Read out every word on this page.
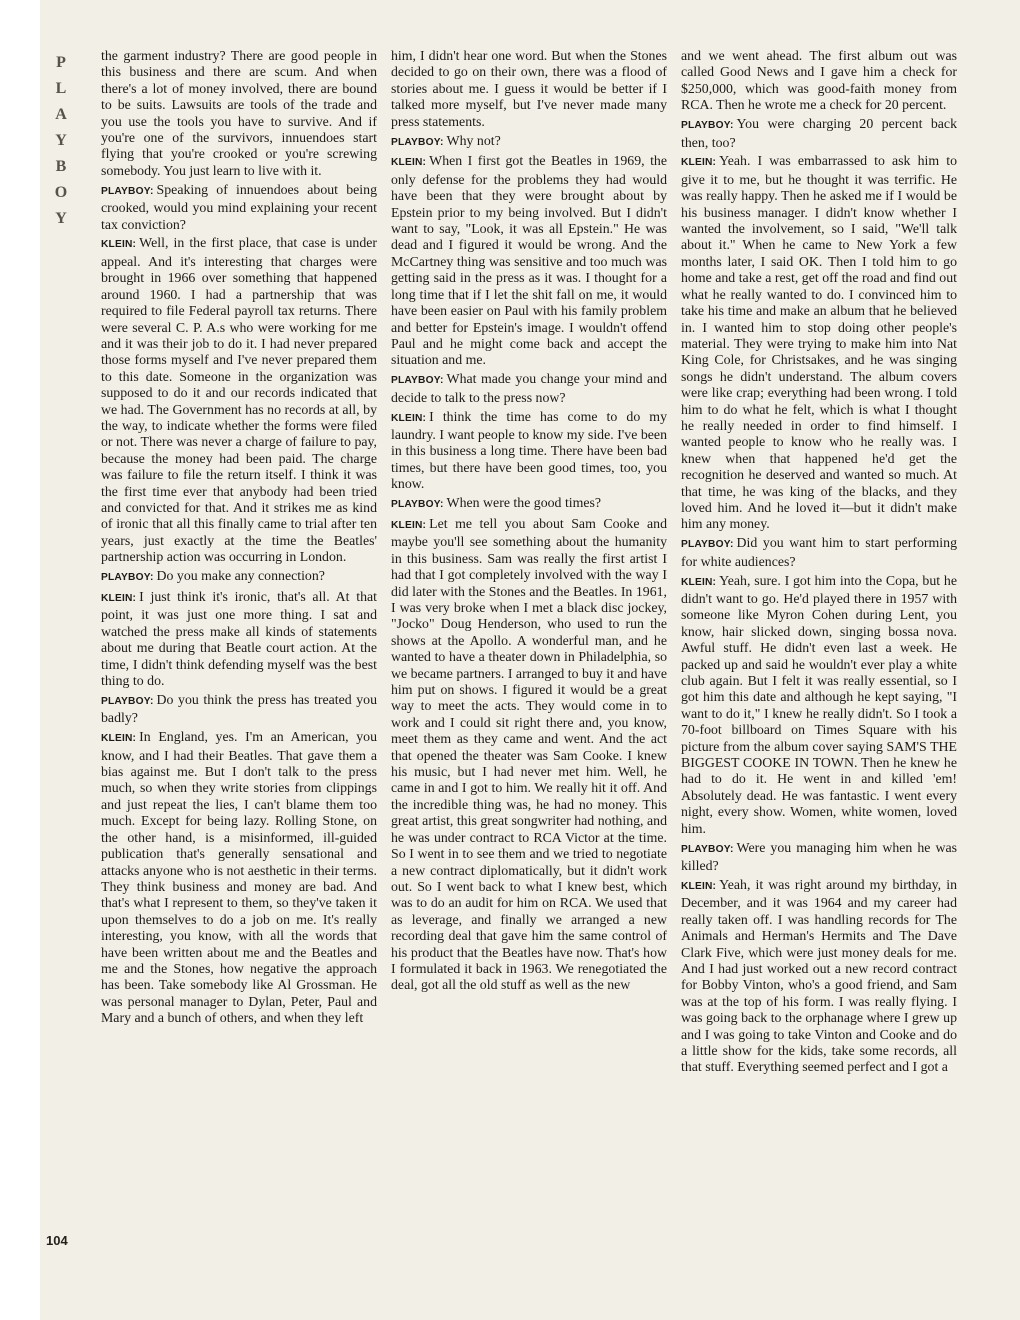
P
L
A
Y
B
O
Y
104

the garment industry? There are good people in this business and there are scum. And when there's a lot of money involved, there are bound to be suits. Lawsuits are tools of the trade and you use the tools you have to survive. And if you're one of the survivors, innuendoes start flying that you're crooked or you're screwing somebody. You just learn to live with it.

PLAYBOY: Speaking of innuendoes about being crooked, would you mind explaining your recent tax conviction?

KLEIN: Well, in the first place, that case is under appeal. And it's interesting that charges were brought in 1966 over something that happened around 1960. I had a partnership that was required to file Federal payroll tax returns. There were several C. P. A.s who were working for me and it was their job to do it. I had never prepared those forms myself and I've never prepared them to this date. Someone in the organization was supposed to do it and our records indicated that we had. The Government has no records at all, by the way, to indicate whether the forms were filed or not. There was never a charge of failure to pay, because the money had been paid. The charge was failure to file the return itself. I think it was the first time ever that anybody had been tried and convicted for that. And it strikes me as kind of ironic that all this finally came to trial after ten years, just exactly at the time the Beatles' partnership action was occurring in London.

PLAYBOY: Do you make any connection?

KLEIN: I just think it's ironic, that's all. At that point, it was just one more thing. I sat and watched the press make all kinds of statements about me during that Beatle court action. At the time, I didn't think defending myself was the best thing to do.

PLAYBOY: Do you think the press has treated you badly?

KLEIN: In England, yes. I'm an American, you know, and I had their Beatles. That gave them a bias against me. But I don't talk to the press much, so when they write stories from clippings and just repeat the lies, I can't blame them too much. Except for being lazy. Rolling Stone, on the other hand, is a misinformed, ill-guided publication that's generally sensational and attacks anyone who is not aesthetic in their terms. They think business and money are bad. And that's what I represent to them, so they've taken it upon themselves to do a job on me. It's really interesting, you know, with all the words that have been written about me and the Beatles and me and the Stones, how negative the approach has been. Take somebody like Al Grossman. He was personal manager to Dylan, Peter, Paul and Mary and a bunch of others, and when they left

him, I didn't hear one word. But when the Stones decided to go on their own, there was a flood of stories about me. I guess it would be better if I talked more myself, but I've never made many press statements.

PLAYBOY: Why not?

KLEIN: When I first got the Beatles in 1969, the only defense for the problems they had would have been that they were brought about by Epstein prior to my being involved. But I didn't want to say, "Look, it was all Epstein." He was dead and I figured it would be wrong. And the McCartney thing was sensitive and too much was getting said in the press as it was. I thought for a long time that if I let the shit fall on me, it would have been easier on Paul with his family problem and better for Epstein's image. I wouldn't offend Paul and he might come back and accept the situation and me.

PLAYBOY: What made you change your mind and decide to talk to the press now?

KLEIN: I think the time has come to do my laundry. I want people to know my side. I've been in this business a long time. There have been bad times, but there have been good times, too, you know.

PLAYBOY: When were the good times?

KLEIN: Let me tell you about Sam Cooke and maybe you'll see something about the humanity in this business. Sam was really the first artist I had that I got completely involved with the way I did later with the Stones and the Beatles. In 1961, I was very broke when I met a black disc jockey, "Jocko" Doug Henderson, who used to run the shows at the Apollo. A wonderful man, and he wanted to have a theater down in Philadelphia, so we became partners. I arranged to buy it and have him put on shows. I figured it would be a great way to meet the acts. They would come in to work and I could sit right there and, you know, meet them as they came and went. And the act that opened the theater was Sam Cooke. I knew his music, but I had never met him. Well, he came in and I got to him. We really hit it off. And the incredible thing was, he had no money. This great artist, this great songwriter had nothing, and he was under contract to RCA Victor at the time. So I went in to see them and we tried to negotiate a new contract diplomatically, but it didn't work out. So I went back to what I knew best, which was to do an audit for him on RCA. We used that as leverage, and finally we arranged a new recording deal that gave him the same control of his product that the Beatles have now. That's how I formulated it back in 1963. We renegotiated the deal, got all the old stuff as well as the new

and we went ahead. The first album out was called Good News and I gave him a check for $250,000, which was good-faith money from RCA. Then he wrote me a check for 20 percent.

PLAYBOY: You were charging 20 percent back then, too?

KLEIN: Yeah. I was embarrassed to ask him to give it to me, but he thought it was terrific. He was really happy. Then he asked me if I would be his business manager. I didn't know whether I wanted the involvement, so I said, "We'll talk about it." When he came to New York a few months later, I said OK. Then I told him to go home and take a rest, get off the road and find out what he really wanted to do. I convinced him to take his time and make an album that he believed in. I wanted him to stop doing other people's material. They were trying to make him into Nat King Cole, for Christsakes, and he was singing songs he didn't understand. The album covers were like crap; everything had been wrong. I told him to do what he felt, which is what I thought he really needed in order to find himself. I wanted people to know who he really was. I knew when that happened he'd get the recognition he deserved and wanted so much. At that time, he was king of the blacks, and they loved him. And he loved it—but it didn't make him any money.

PLAYBOY: Did you want him to start performing for white audiences?

KLEIN: Yeah, sure. I got him into the Copa, but he didn't want to go. He'd played there in 1957 with someone like Myron Cohen during Lent, you know, hair slicked down, singing bossa nova. Awful stuff. He didn't even last a week. He packed up and said he wouldn't ever play a white club again. But I felt it was really essential, so I got him this date and although he kept saying, "I want to do it," I knew he really didn't. So I took a 70-foot billboard on Times Square with his picture from the album cover saying SAM'S THE BIGGEST COOKE IN TOWN. Then he knew he had to do it. He went in and killed 'em! Absolutely dead. He was fantastic. I went every night, every show. Women, white women, loved him.

PLAYBOY: Were you managing him when he was killed?

KLEIN: Yeah, it was right around my birthday, in December, and it was 1964 and my career had really taken off. I was handling records for The Animals and Herman's Hermits and The Dave Clark Five, which were just money deals for me. And I had just worked out a new record contract for Bobby Vinton, who's a good friend, and Sam was at the top of his form. I was really flying. I was going back to the orphanage where I grew up and I was going to take Vinton and Cooke and do a little show for the kids, take some records, all that stuff. Everything seemed perfect and I got a
